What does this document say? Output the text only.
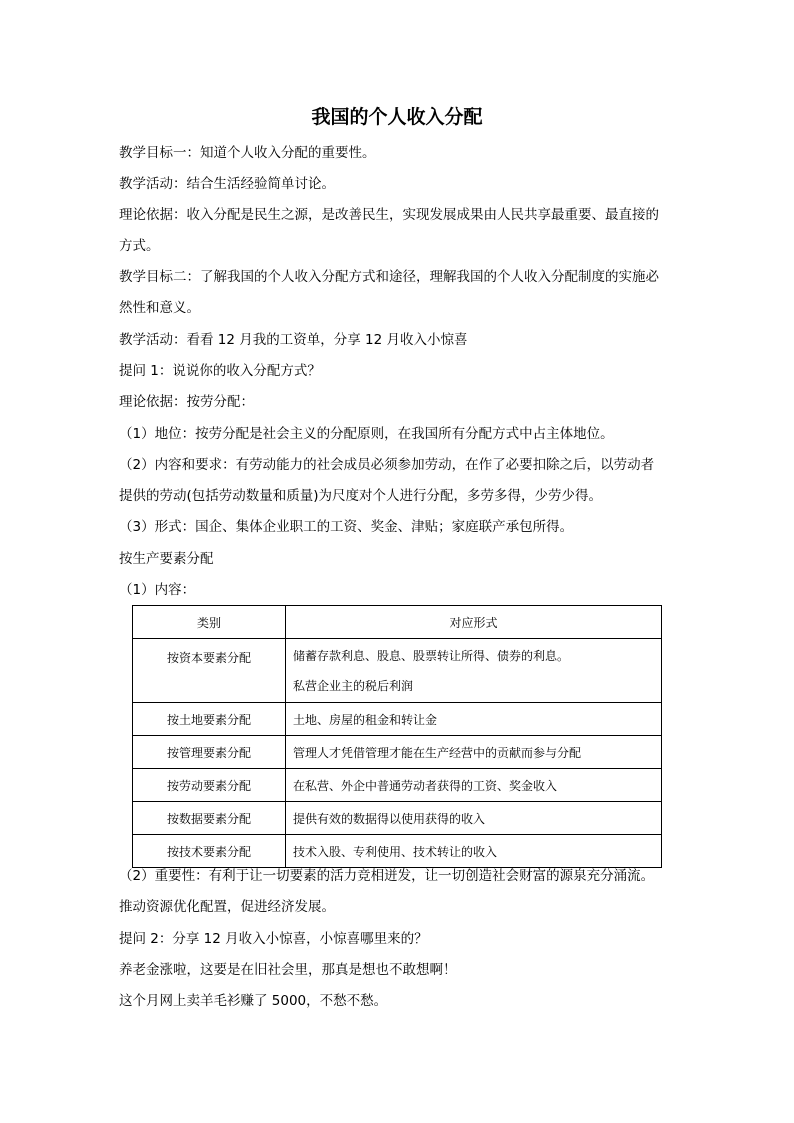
我国的个人收入分配
教学目标一：知道个人收入分配的重要性。
教学活动：结合生活经验简单讨论。
理论依据：收入分配是民生之源，是改善民生，实现发展成果由人民共享最重要、最直接的
方式。
教学目标二：了解我国的个人收入分配方式和途径，理解我国的个人收入分配制度的实施必
然性和意义。
教学活动：看看 12 月我的工资单，分享 12 月收入小惊喜
提问 1：说说你的收入分配方式？
理论依据：按劳分配：
（1）地位：按劳分配是社会主义的分配原则，在我国所有分配方式中占主体地位。
（2）内容和要求：有劳动能力的社会成员必须参加劳动，在作了必要扣除之后，以劳动者
提供的劳动(包括劳动数量和质量)为尺度对个人进行分配，多劳多得，少劳少得。
（3）形式：国企、集体企业职工的工资、奖金、津贴；家庭联产承包所得。
按生产要素分配
（1）内容：
类别	对应形式
按资本要素分配	储蓄存款利息、股息、股票转让所得、债券的利息。
私营企业主的税后利润

按土地要素分配	土地、房屋的租金和转让金
按管理要素分配	管理人才凭借管理才能在生产经营中的贡献而参与分配
按劳动要素分配	在私营、外企中普通劳动者获得的工资、奖金收入
按数据要素分配	提供有效的数据得以使用获得的收入
按技术要素分配	技术入股、专利使用、技术转让的收入
（2）重要性：有利于让一切要素的活力竞相迸发，让一切创造社会财富的源泉充分涌流。
推动资源优化配置，促进经济发展。
提问 2：分享 12 月收入小惊喜，小惊喜哪里来的？
养老金涨啦，这要是在旧社会里，那真是想也不敢想啊！
这个月网上卖羊毛衫赚了 5000，不愁不愁。
